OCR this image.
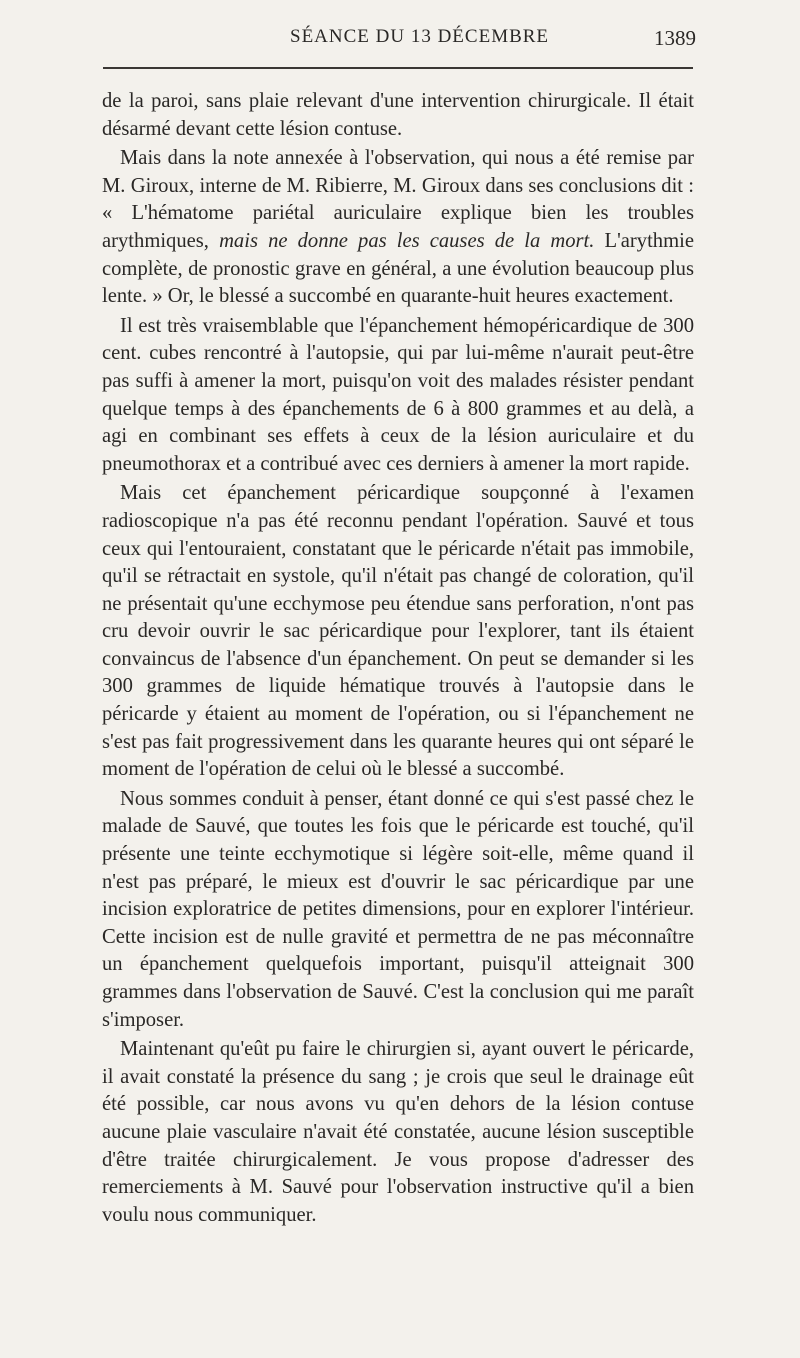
SÉANCE DU 13 DÉCEMBRE	1389

de la paroi, sans plaie relevant d'une intervention chirurgicale. Il était désarmé devant cette lésion contuse.

Mais dans la note annexée à l'observation, qui nous a été remise par M. Giroux, interne de M. Ribierre, M. Giroux dans ses conclusions dit : « L'hématome pariétal auriculaire explique bien les troubles arythmiques, mais ne donne pas les causes de la mort. L'arythmie complète, de pronostic grave en général, a une évolution beaucoup plus lente. » Or, le blessé a succombé en quarante-huit heures exactement.

Il est très vraisemblable que l'épanchement hémopéricardique de 300 cent. cubes rencontré à l'autopsie, qui par lui-même n'aurait peut-être pas suffi à amener la mort, puisqu'on voit des malades résister pendant quelque temps à des épanchements de 6 à 800 grammes et au delà, a agi en combinant ses effets à ceux de la lésion auriculaire et du pneumothorax et a contribué avec ces derniers à amener la mort rapide.

Mais cet épanchement péricardique soupçonné à l'examen radioscopique n'a pas été reconnu pendant l'opération. Sauvé et tous ceux qui l'entouraient, constatant que le péricarde n'était pas immobile, qu'il se rétractait en systole, qu'il n'était pas changé de coloration, qu'il ne présentait qu'une ecchymose peu étendue sans perforation, n'ont pas cru devoir ouvrir le sac péricardique pour l'explorer, tant ils étaient convaincus de l'absence d'un épanchement. On peut se demander si les 300 grammes de liquide hématique trouvés à l'autopsie dans le péricarde y étaient au moment de l'opération, ou si l'épanchement ne s'est pas fait progressivement dans les quarante heures qui ont séparé le moment de l'opération de celui où le blessé a succombé.

Nous sommes conduit à penser, étant donné ce qui s'est passé chez le malade de Sauvé, que toutes les fois que le péricarde est touché, qu'il présente une teinte ecchymotique si légère soit-elle, même quand il n'est pas préparé, le mieux est d'ouvrir le sac péricardique par une incision exploratrice de petites dimensions, pour en explorer l'intérieur. Cette incision est de nulle gravité et permettra de ne pas méconnaître un épanchement quelquefois important, puisqu'il atteignait 300 grammes dans l'observation de Sauvé. C'est la conclusion qui me paraît s'imposer.

Maintenant qu'eût pu faire le chirurgien si, ayant ouvert le péricarde, il avait constaté la présence du sang ; je crois que seul le drainage eût été possible, car nous avons vu qu'en dehors de la lésion contuse aucune plaie vasculaire n'avait été constatée, aucune lésion susceptible d'être traitée chirurgicalement. Je vous propose d'adresser des remerciements à M. Sauvé pour l'observation instructive qu'il a bien voulu nous communiquer.
